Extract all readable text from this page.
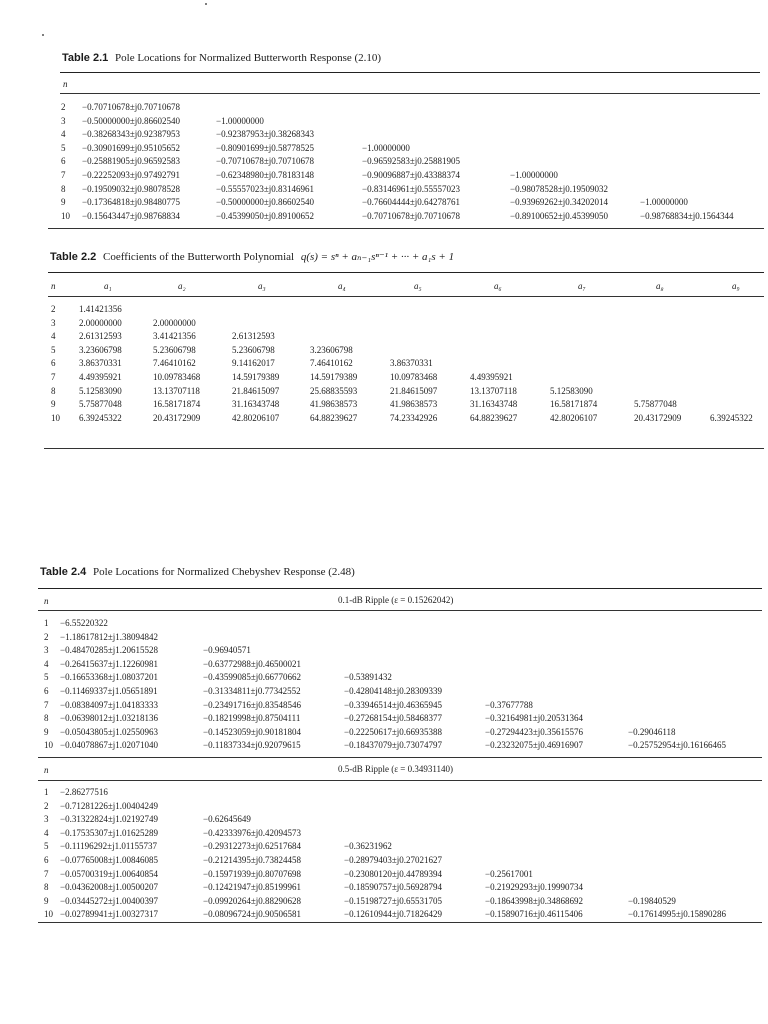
Table 2.1 Pole Locations for Normalized Butterworth Response (2.10)
n
2 −0.70710678±j0.70710678
3 −0.50000000±j0.86602540	−1.00000000
4 −0.38268343±j0.92387953	−0.92387953±j0.38268343
5 −0.30901699±j0.95105652	−0.80901699±j0.58778525	−1.00000000
6 −0.25881905±j0.96592583	−0.70710678±j0.70710678	−0.96592583±j0.25881905
7 −0.22252093±j0.97492791	−0.62348980±j0.78183148	−0.90096887±j0.43388374	−1.00000000
8 −0.19509032±j0.98078528	−0.55557023±j0.83146961	−0.83146961±j0.55557023	−0.98078528±j0.19509032
9 −0.17364818±j0.98480775	−0.50000000±j0.86602540	−0.76604444±j0.64278761	−0.93969262±j0.34202014	−1.00000000
10 −0.15643447±j0.98768834	−0.45399050±j0.89100652	−0.70710678±j0.70710678	−0.89100652±j0.45399050	−0.98768834±j0.1564344
Table 2.2 Coefficients of the Butterworth Polynomial q(s) = sⁿ + aₙ₋₁sⁿ⁻¹ + ··· + a₁s + 1
n	a₁	a₂	a₃	a₄	a₅	a₆	a₇	a₈	a₉
2	1.41421356
3	2.00000000	2.00000000
4	2.61312593	3.41421356	2.61312593
5	3.23606798	5.23606798	5.23606798	3.23606798
6	3.86370331	7.46410162	9.14162017	7.46410162	3.86370331
7	4.49395921	10.09783468	14.59179389	14.59179389	10.09783468	4.49395921
8	5.12583090	13.13707118	21.84615097	25.68835593	21.84615097	13.13707118	5.12583090
9	5.75877048	16.58171874	31.16343748	41.98638573	41.98638573	31.16343748	16.58171874	5.75877048
10 6.39245322	20.43172909	42.80206107	64.88239627	74.23342926	64.88239627	42.80206107	20.43172909	6.39245322
Table 2.4 Pole Locations for Normalized Chebyshev Response (2.48)
n	0.1-dB Ripple (ε = 0.15262042)
1 −6.55220322
2 −1.18617812±j1.38094842
3 −0.48470285±j1.20615528	−0.96940571
4 −0.26415637±j1.12260981	−0.63772988±j0.46500021
5 −0.16653368±j1.08037201	−0.43599085±j0.66770662	−0.53891432
6 −0.11469337±j1.05651891	−0.31334811±j0.77342552	−0.42804148±j0.28309339
7 −0.08384097±j1.04183333	−0.23491716±j0.83548546	−0.33946514±j0.46365945	−0.37677788
8 −0.06398012±j1.03218136	−0.18219998±j0.87504111	−0.27268154±j0.58468377	−0.32164981±j0.20531364
9 −0.05043805±j1.02550963	−0.14523059±j0.90181804	−0.22250617±j0.66935388	−0.27294423±j0.35615576	−0.29046118
10 −0.04078867±j1.02071040	−0.11837334±j0.92079615	−0.18437079±j0.73074797	−0.23232075±j0.46916907	−0.25752954±j0.16166465
n	0.5-dB Ripple (ε = 0.34931140)
1 −2.86277516
2 −0.71281226±j1.00404249
3 −0.31322824±j1.02192749	−0.62645649
4 −0.17535307±j1.01625289	−0.42333976±j0.42094573
5 −0.11196292±j1.01155737	−0.29312273±j0.62517684	−0.36231962
6 −0.07765008±j1.00846085	−0.21214395±j0.73824458	−0.28979403±j0.27021627
7 −0.05700319±j1.00640854	−0.15971939±j0.80707698	−0.23080120±j0.44789394	−0.25617001
8 −0.04362008±j1.00500207	−0.12421947±j0.85199961	−0.18590757±j0.56928794	−0.21929293±j0.19990734
9 −0.03445272±j1.00400397	−0.09920264±j0.88290628	−0.15198727±j0.65531705	−0.18643998±j0.34868692	−0.19840529
10 −0.02789941±j1.00327317	−0.08096724±j0.90506581	−0.12610944±j0.71826429	−0.15890716±j0.46115406	−0.17614995±j0.15890286
